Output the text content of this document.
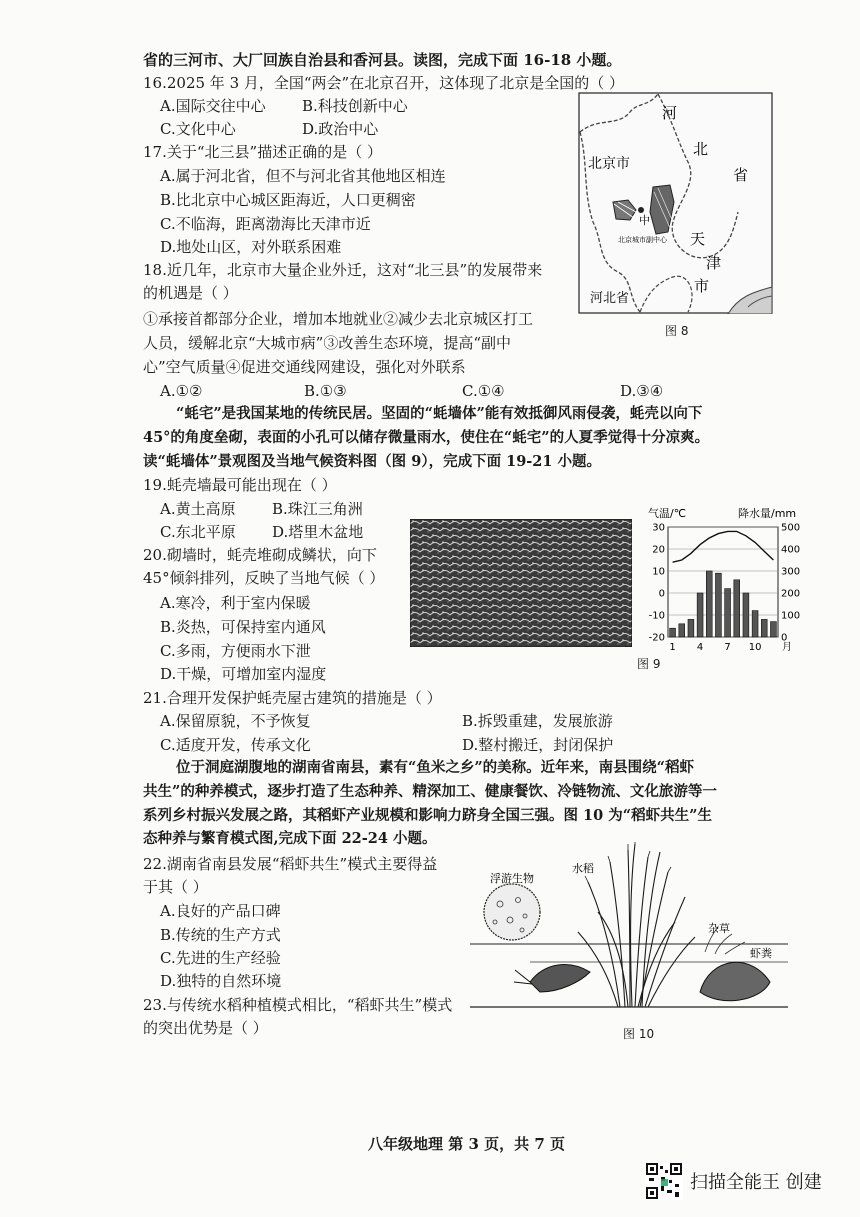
省的三河市、大厂回族自治县和香河县。读图，完成下面 16-18 小题。
16.2025 年 3 月，全国“两会”在北京召开，这体现了北京是全国的（ ）
A.国际交往中心 B.科技创新中心
C.文化中心	D.政治中心
17.关于“北三县”描述正确的是（ ）
A.属于河北省，但不与河北省其他地区相连
B.比北京中心城区距海近，人口更稠密
C.不临海，距离渤海比天津市近
D.地处山区，对外联系困难
18.近几年，北京市大量企业外迁，这对“北三县”的发展带来
的机遇是（ ）
①承接首都部分企业，增加本地就业②减少去北京城区打工
人员，缓解北京“大城市病”③改善生态环境，提高“副中
心”空气质量④促进交通线网建设，强化对外联系
A.①②	B.①③	C.①④	D.③④
“蚝宅”是我国某地的传统民居。坚固的“蚝墙体”能有效抵御风雨侵袭，蚝壳以向下
45°的角度垒砌，表面的小孔可以储存微量雨水，使住在“蚝宅”的人夏季觉得十分凉爽。
读“蚝墙体”景观图及当地气候资料图（图 9），完成下面 19-21 小题。
19.蚝壳墙最可能出现在（ ）
A.黄土高原 B.珠江三角洲
C.东北平原 D.塔里木盆地
20.砌墙时，蚝壳堆砌成鳞状，向下
45°倾斜排列，反映了当地气候（ ）
A.寒冷，利于室内保暖
B.炎热，可保持室内通风
C.多雨，方便雨水下泄
D.干燥，可增加室内湿度
21.合理开发保护蚝壳屋古建筑的措施是（ ）
A.保留原貌，不予恢复	B.拆毁重建，发展旅游
C.适度开发，传承文化	D.整村搬迁，封闭保护
位于洞庭湖腹地的湖南省南县，素有“鱼米之乡”的美称。近年来，南县围绕“稻虾
共生”的种养模式，逐步打造了生态种养、精深加工、健康餐饮、冷链物流、文化旅游等一
系列乡村振兴发展之路，其稻虾产业规模和影响力跻身全国三强。图 10 为“稻虾共生”生
态种养与繁育模式图,完成下面 22-24 小题。
22.湖南省南县发展“稻虾共生”模式主要得益
于其（ ）
A.良好的产品口碑
B.传统的生产方式
C.先进的生产经验
D.独特的自然环境
23.与传统水稻种植模式相比，“稻虾共生”模式
的突出优势是（ ）
八年级地理 第 3 页，共 7 页
河
北
省
北京市
中
北京城市副中心 天
津
市
河北省
图 8
气温/℃	降水量/mm
30
20
10
0
-10
-20
500
400
300
200
100
0
1 4 7 10 月
图 9
浮游生物
水稻
杂草
虾粪
图 10
扫描全能王 创建
